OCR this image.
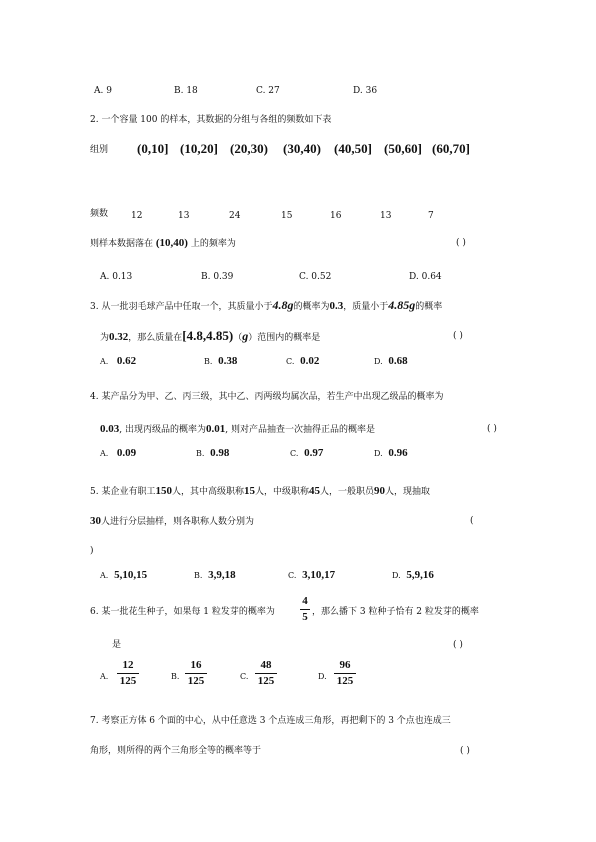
A. 9	B. 18	C. 27	D. 36
2. 一个容量 100 的样本，其数据的分组与各组的频数如下表
组别 (0,10] (10,20] (20,30) (30,40) (40,50] (50,60] (60,70]
频数	12	13	24	15	16	13	7
则样本数据落在 (10,40) 上的频率为	( )
A. 0.13	B. 0.39	C. 0.52	D. 0.64
3. 从一批羽毛球产品中任取一个，其质量小于4.8g的概率为0.3，质量小于4.85g的概率
为0.32，那么质量在[4.8,4.85)（g）范围内的概率是	( )
A. 0.62	B. 0.38	C. 0.02	D. 0.68
4. 某产品分为甲、乙、丙三级，其中乙、丙两级均属次品，若生产中出现乙级品的概率为
0.03, 出现丙级品的概率为0.01, 则对产品抽查一次抽得正品的概率是	( )
A. 0.09	B. 0.98	C. 0.97	D. 0.96
5. 某企业有职工150人，其中高级职称15人，中级职称45人，一般职员90人，现抽取
30人进行分层抽样，则各职称人数分别为	(
)
A. 5,10,15	B. 3,9,18	C. 3,10,17	D. 5,9,16
6. 某一批花生种子，如果每 1 粒发芽的概率为
4
5 ，那么播下 3 粒种子恰有 2 粒发芽的概率
是	( )
A.
12
125	B.
16
125	C.
48
125	D.
96
125
7. 考察正方体 6 个面的中心，从中任意选 3 个点连成三角形，再把剩下的 3 个点也连成三
角形，则所得的两个三角形全等的概率等于	( )
